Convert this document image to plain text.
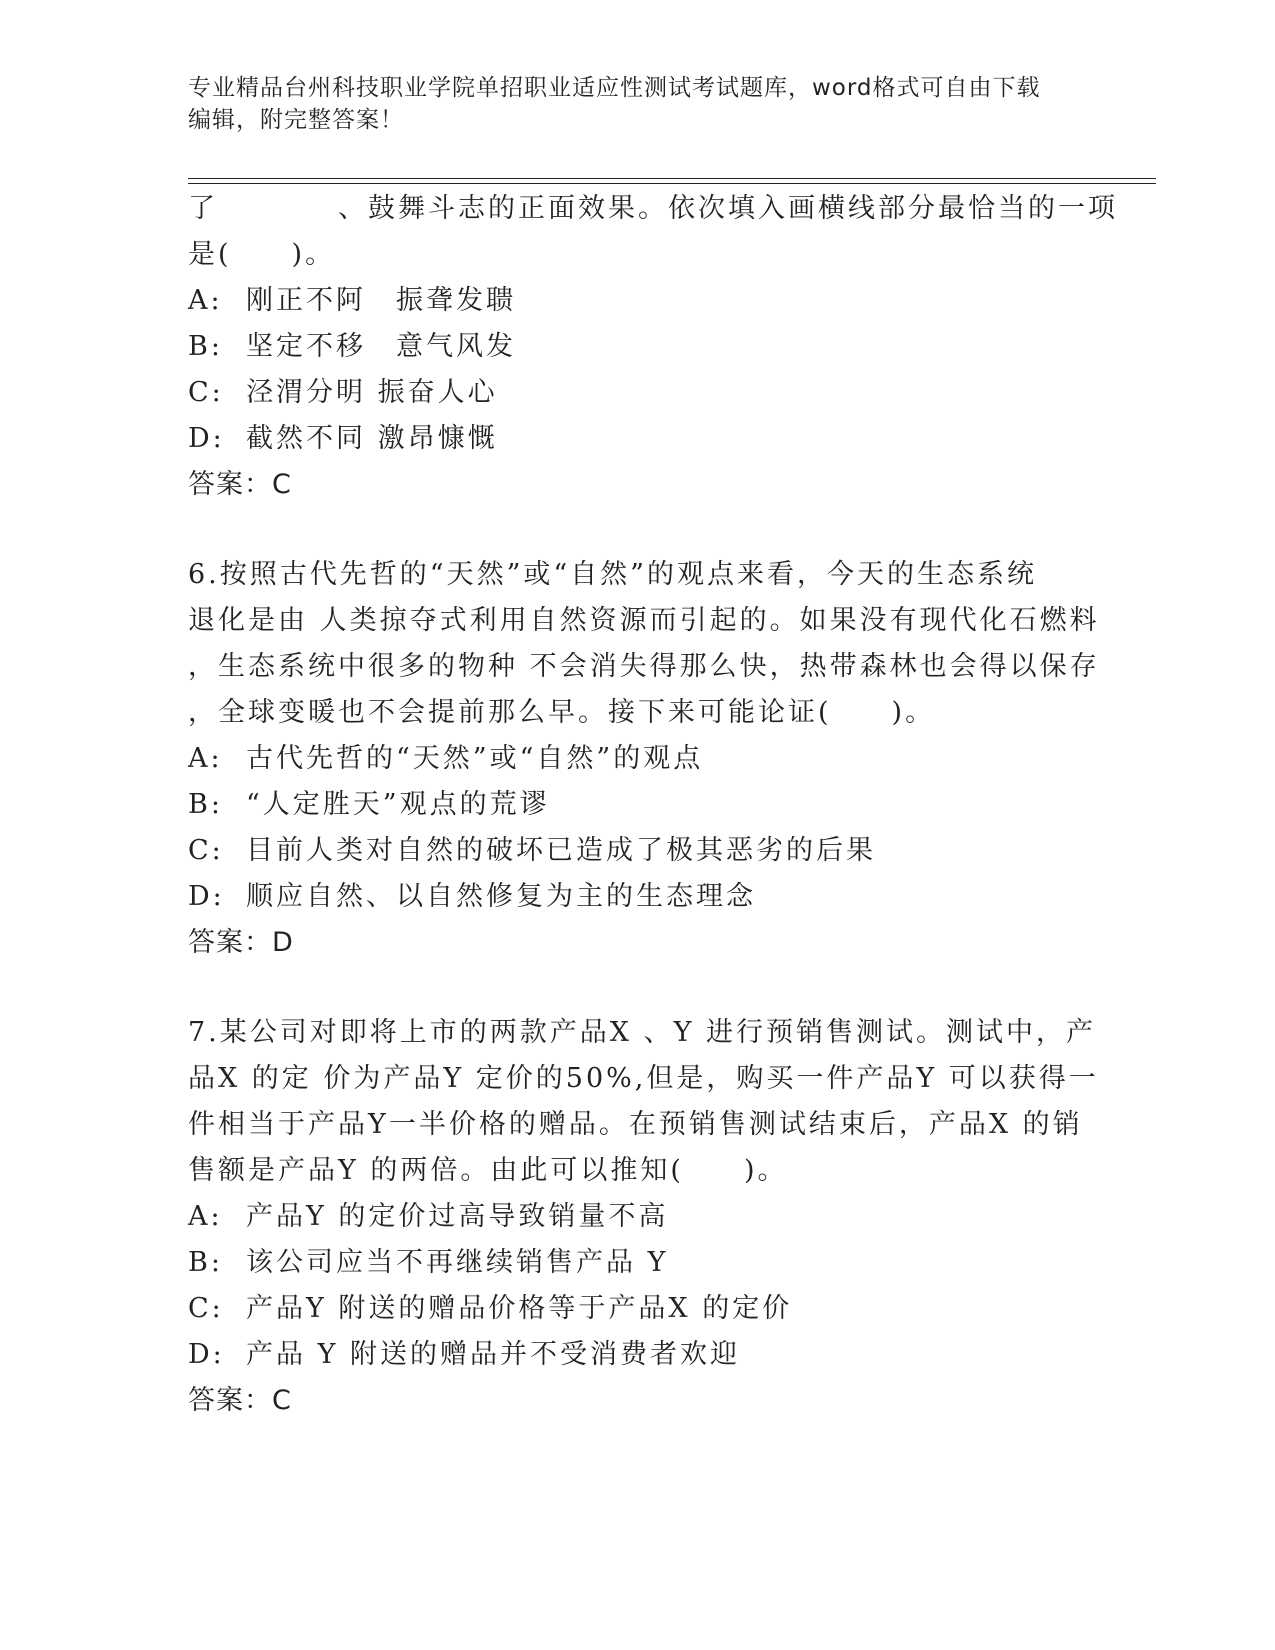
专业精品台州科技职业学院单招职业适应性测试考试题库，word格式可自由下载
编辑，附完整答案！
了　　　　、鼓舞斗志的正面效果。依次填入画横线部分最恰当的一项
是(　　)。
A: 刚正不阿　振聋发聩
B: 坚定不移　意气风发
C: 泾渭分明 振奋人心
D: 截然不同 激昂慷慨
答案：C
6.按照古代先哲的“天然”或“自然”的观点来看，今天的生态系统
退化是由 人类掠夺式利用自然资源而引起的。如果没有现代化石燃料
，生态系统中很多的物种 不会消失得那么快，热带森林也会得以保存
，全球变暖也不会提前那么早。接下来可能论证(　　)。
A: 古代先哲的“天然”或“自然”的观点
B: “人定胜天”观点的荒谬
C: 目前人类对自然的破坏已造成了极其恶劣的后果
D: 顺应自然、以自然修复为主的生态理念
答案：D
7.某公司对即将上市的两款产品X 、Y 进行预销售测试。测试中，产
品X 的定 价为产品Y 定价的50%,但是，购买一件产品Y 可以获得一
件相当于产品Y一半价格的赠品。在预销售测试结束后，产品X 的销
售额是产品Y 的两倍。由此可以推知(　　)。
A: 产品Y 的定价过高导致销量不高
B: 该公司应当不再继续销售产品 Y
C: 产品Y 附送的赠品价格等于产品X 的定价
D: 产品 Y 附送的赠品并不受消费者欢迎
答案：C
